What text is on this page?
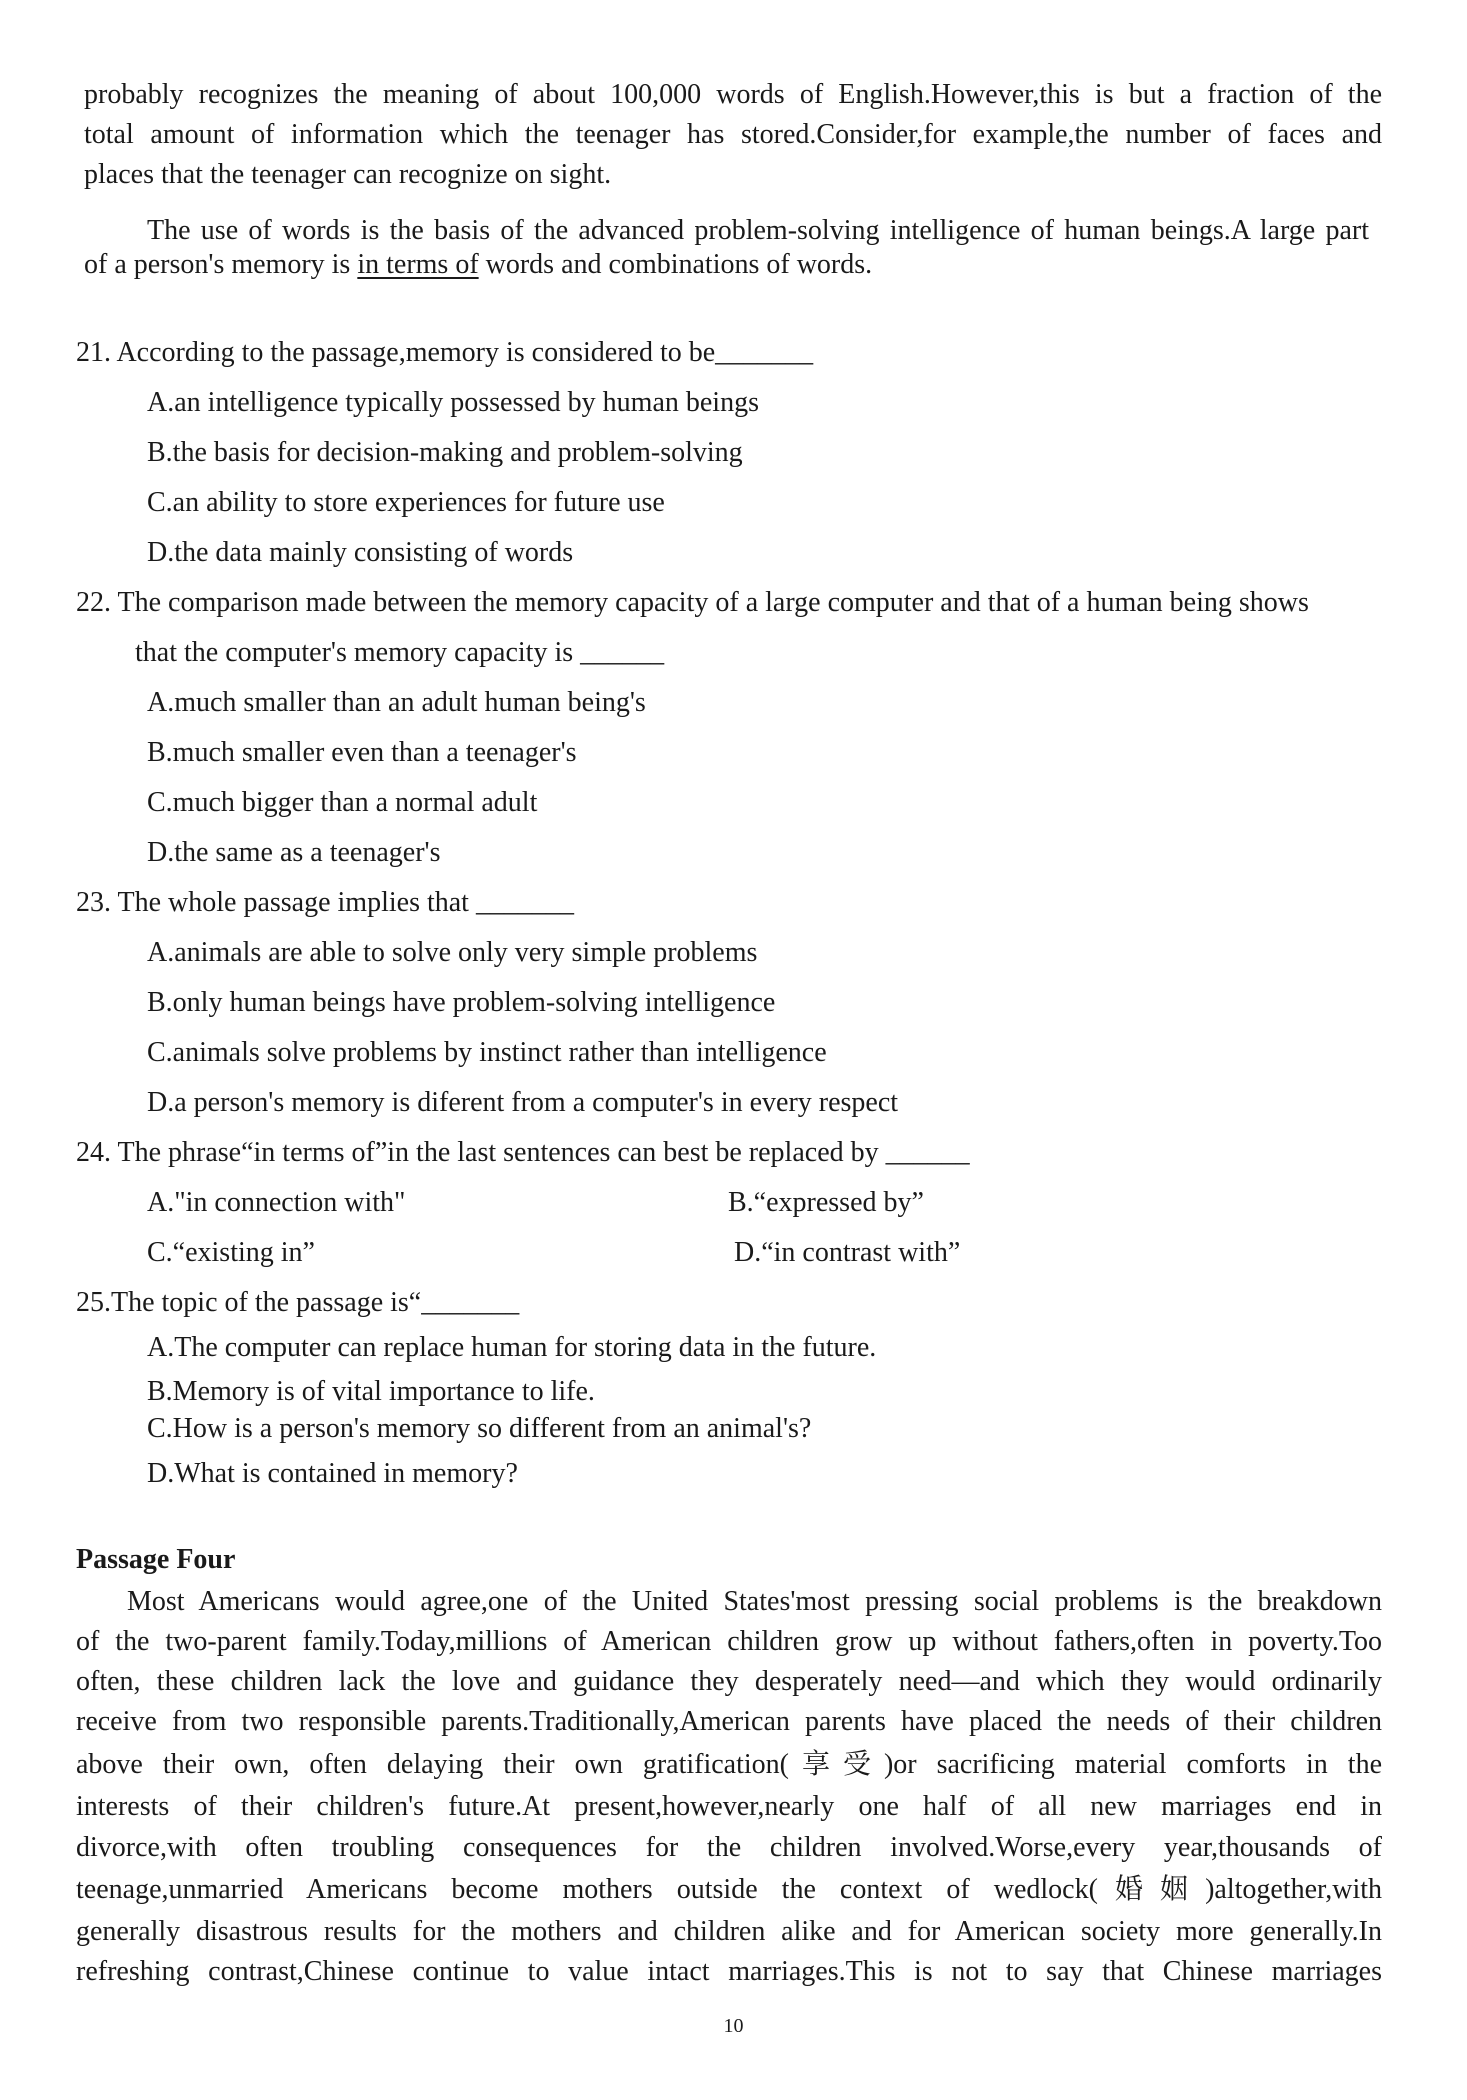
probably recognizes the meaning of about 100,000 words of English.However,this is but a fraction of the
total amount of information which the teenager has stored.Consider,for example,the number of faces and
places that the teenager can recognize on sight.
The use of words is the basis of the advanced problem-solving intelligence of human beings.A large part
of a person's memory is in terms of words and combinations of words.
21. According to the passage,memory is considered to be_______
A.an intelligence typically possessed by human beings
B.the basis for decision-making and problem-solving
C.an ability to store experiences for future use
D.the data mainly consisting of words
22. The comparison made between the memory capacity of a large computer and that of a human being shows
that the computer's memory capacity is ______
A.much smaller than an adult human being's
B.much smaller even than a teenager's
C.much bigger than a normal adult
D.the same as a teenager's
23. The whole passage implies that _______
A.animals are able to solve only very simple problems
B.only human beings have problem-solving intelligence
C.animals solve problems by instinct rather than intelligence
D.a person's memory is diferent from a computer's in every respect
24. The phrase“in terms of”in the last sentences can best be replaced by ______
A."in connection with"	B.“expressed by”
C.“existing in”	D.“in contrast with”
25.The topic of the passage is“_______
A.The computer can replace human for storing data in the future.
B.Memory is of vital importance to life.
C.How is a person's memory so different from an animal's?
D.What is contained in memory?
Passage Four
Most Americans would agree,one of the United States'most pressing social problems is the breakdown
of the two-parent family.Today,millions of American children grow up without fathers,often in poverty.Too
often, these children lack the love and guidance they desperately need—and which they would ordinarily
receive from two responsible parents.Traditionally,American parents have placed the needs of their children
above their own, often delaying their own gratification(享受)or sacrificing material comforts in the
interests of their children's future.At present,however,nearly one half of all new marriages end in
divorce,with often troubling consequences for the children involved.Worse,every year,thousands of
teenage,unmarried Americans become mothers outside the context of wedlock(婚姻)altogether,with
generally disastrous results for the mothers and children alike and for American society more generally.In
refreshing contrast,Chinese continue to value intact marriages.This is not to say that Chinese marriages
10
